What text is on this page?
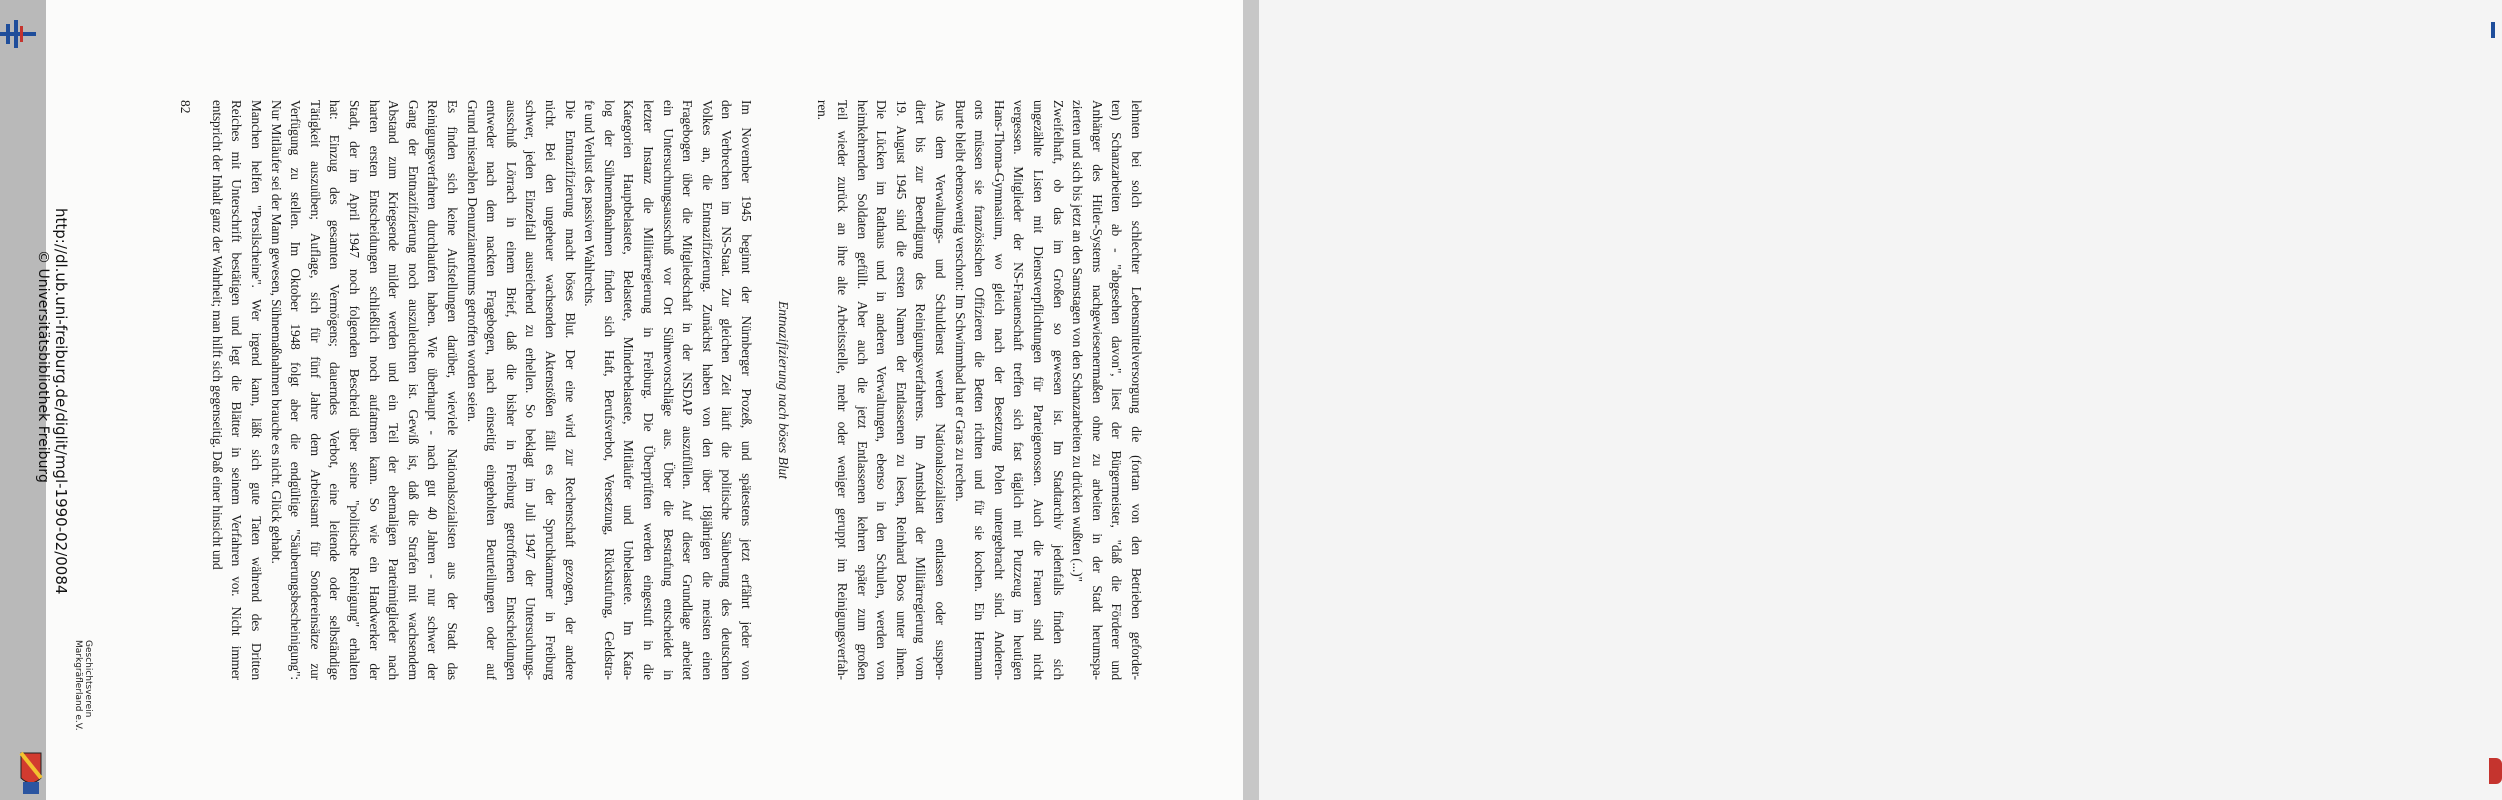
lehnten bei solch schlechter Lebensmittelversorgung die (fortan von den Betrieben geforder-
ten) Schanzarbeiten ab - "abgesehen davon", liest der Bürgermeister, "daß die Förderer und
Anhänger des Hitler-Systems nachgewiesenermaßen ohne zu arbeiten in der Stadt herumspa-
zierten und sich bis jetzt an den Samstagen von den Schanzarbeiten zu drücken wußten (...)"
Zweifelhaft, ob das im Großen so gewesen ist. Im Stadtarchiv jedenfalls finden sich
ungezählte Listen mit Dienstverpflichtungen für Parteigenossen. Auch die Frauen sind nicht
vergessen. Mitglieder der NS-Frauenschaft treffen sich fast täglich mit Putzzeug im heutigen
Hans-Thoma-Gymnasium, wo gleich nach der Besetzung Polen untergebracht sind. Anderen-
orts müssen sie französischen Offizieren die Betten richten und für sie kochen. Ein Hermann
Burte bleibt ebensowenig verschont: Im Schwimmbad hat er Gras zu rechen.
Aus dem Verwaltungs- und Schuldienst werden Nationalsozialisten entlassen oder suspen-
diert bis zur Beendigung des Reinigungsverfahrens. Im Amtsblatt der Militärregierung vom
19. August 1945 sind die ersten Namen der Entlassenen zu lesen, Reinhard Boos unter ihnen.
Die Lücken im Rathaus und in anderen Verwaltungen, ebenso in den Schulen, werden von
heimkehrenden Soldaten gefüllt. Aber auch die jetzt Entlassenen kehren später zum großen
Teil wieder zurück an ihre alte Arbeitsstelle, mehr oder weniger geruppt im Reinigungsverfah-
ren.
Entnazifizierung nach böses Blut
Im November 1945 beginnt der Nürnberger Prozeß, und spätestens jetzt erfährt jeder von
den Verbrechen im NS-Staat. Zur gleichen Zeit läuft die politische Säuberung des deutschen
Volkes an, die Entnazifizierung. Zunächst haben von den über 18jährigen die meisten einen
Fragebogen über die Mitgliedschaft in der NSDAP auszufüllen. Auf dieser Grundlage arbeitet
ein Untersuchungsausschuß vor Ort Sühnevorschläge aus. Über die Bestrafung entscheidet in
letzter Instanz die Militärregierung in Freiburg. Die Überprüften werden eingestuft in die
Kategorien Hauptbelastete, Belastete, Minderbelastete, Mitläufer und Unbelastete. Im Kata-
log der Sühnemaßnahmen finden sich Haft, Berufsverbot, Versetzung, Rückstufung, Geldstra-
fe und Verlust des passiven Wahlrechts.
Die Entnazifizierung macht böses Blut. Der eine wird zur Rechenschaft gezogen, der andere
nicht. Bei den ungeheuer wachsenden Aktenstößen fällt es der Spruchkammer in Freiburg
schwer, jeden Einzelfall ausreichend zu erhellen. So beklagt im Juli 1947 der Untersuchungs-
ausschuß Lörrach in einem Brief, daß die bisher in Freiburg getroffenen Entscheidungen
entweder nach dem nackten Fragebogen, nach einseitig eingeholten Beurteilungen oder auf
Grund miserablen Denunziantentums getroffen worden seien.
Es finden sich keine Aufstellungen darüber, wieviele Nationalsozialisten aus der Stadt das
Reinigungsverfahren durchlaufen haben. Wie überhaupt - nach gut 40 Jahren - nur schwer der
Gang der Entnazifizierung noch auszuleuchten ist. Gewiß ist, daß die Strafen mit wachsendem
Abstand zum Kriegsende milder werden und ein Teil der ehemaligen Parteimitglieder nach
harten ersten Entscheidungen schließlich noch aufatmen kann. So wie ein Handwerker der
Stadt, der im April 1947 noch folgenden Bescheid über seine "politische Reinigung" erhalten
hat: Einzug des gesamten Vermögens; dauerndes Verbot, eine leitende oder selbständige
Tätigkeit auszuüben; Auflage, sich für fünf Jahre dem Arbeitsamt für Sondereinsätze zur
Verfügung zu stellen. Im Oktober 1948 folgt aber die endgültige "Säuberungsbescheinigung":
Nur Mitläufer sei der Mann gewesen, Sühnemaßnahmen brauche es nicht. Glück gehabt.
Manchen helfen "Persilscheine". Wer irgend kann, läßt sich gute Taten während des Dritten
Reiches mit Unterschrift bestätigen und legt die Blätter in seinem Verfahren vor. Nicht immer
entspricht der Inhalt ganz der Wahrheit; man hilft sich gegenseitig. Daß einer hinsicht und
82
http://dl.ub.uni-freiburg.de/diglit/mgl-1990-02/0084
© Universitätsbibliothek Freiburg
Geschichtsverein
Markgräflerland e.V.
